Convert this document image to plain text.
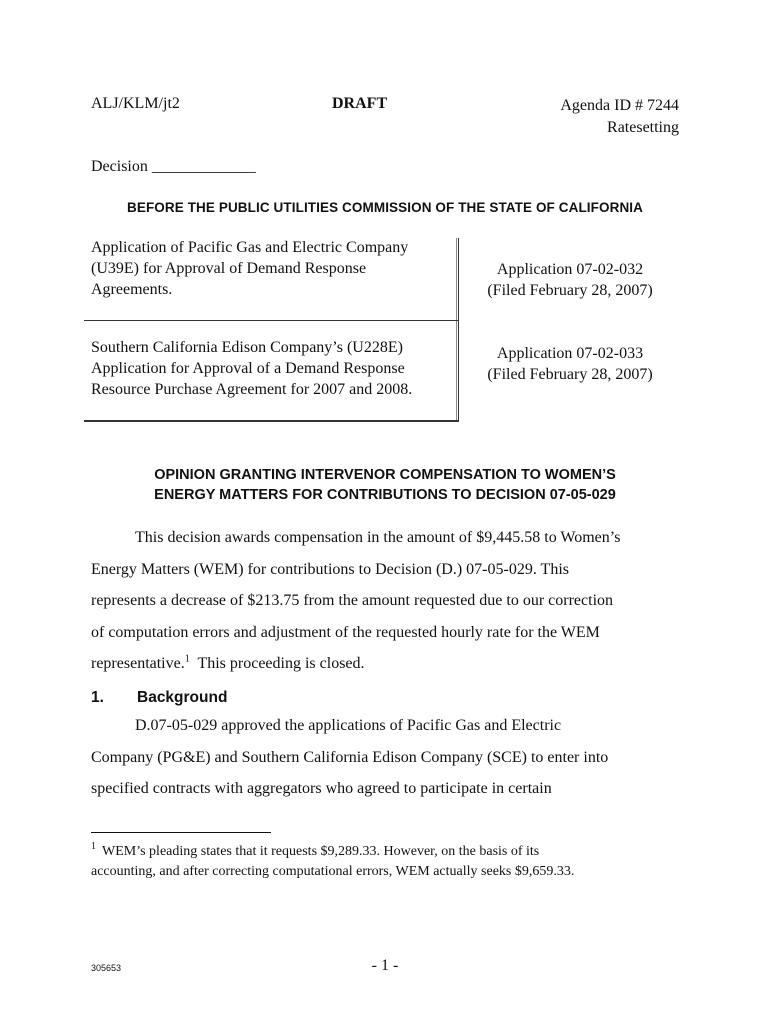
ALJ/KLM/jt2	DRAFT	Agenda ID # 7244
Ratesetting
Decision _____________
BEFORE THE PUBLIC UTILITIES COMMISSION OF THE STATE OF CALIFORNIA
Application of Pacific Gas and Electric Company
(U39E) for Approval of Demand Response
Agreements.
Application 07-02-032
(Filed February 28, 2007)
Southern California Edison Company’s (U228E)
Application for Approval of a Demand Response
Resource Purchase Agreement for 2007 and 2008.
Application 07-02-033
(Filed February 28, 2007)
OPINION GRANTING INTERVENOR COMPENSATION TO WOMEN’S
ENERGY MATTERS FOR CONTRIBUTIONS TO DECISION 07-05-029
This decision awards compensation in the amount of $9,445.58 to Women’s
Energy Matters (WEM) for contributions to Decision (D.) 07-05-029. This
represents a decrease of $213.75 from the amount requested due to our correction
of computation errors and adjustment of the requested hourly rate for the WEM
representative.$^1$  This proceeding is closed.
1. Background
D.07-05-029 approved the applications of Pacific Gas and Electric
Company (PG&E) and Southern California Edison Company (SCE) to enter into
specified contracts with aggregators who agreed to participate in certain
$^1$ WEM’s pleading states that it requests $9,289.33. However, on the basis of its
accounting, and after correcting computational errors, WEM actually seeks $9,659.33.
305653	- 1 -
